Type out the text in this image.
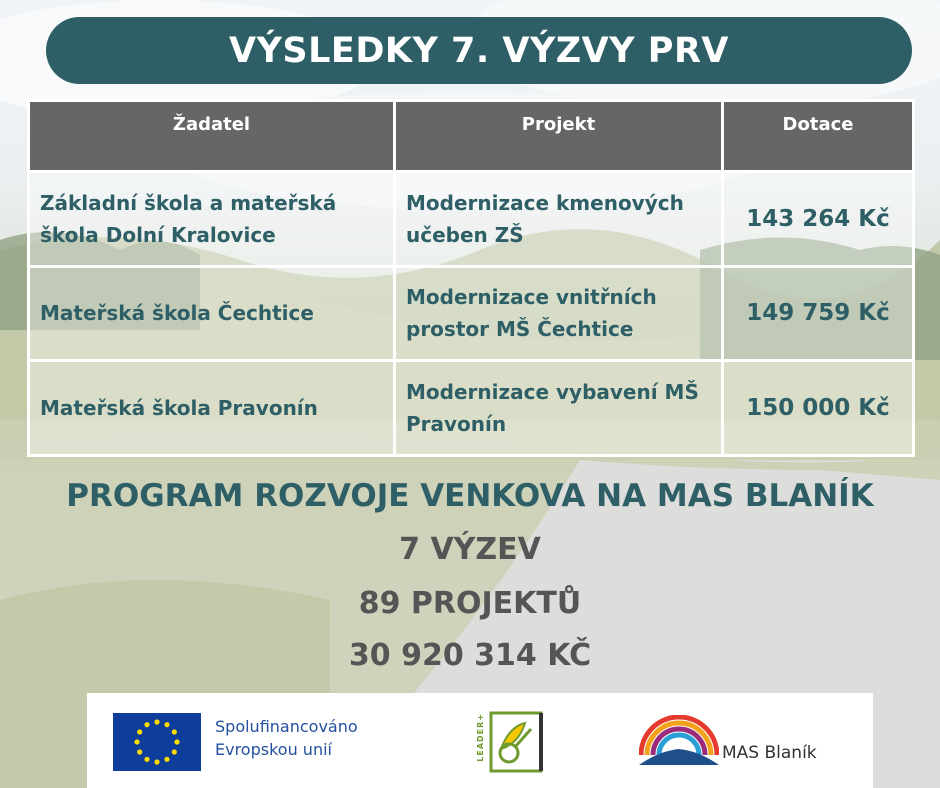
VÝSLEDKY 7. VÝZVY PRV
Žadatel	Projekt	Dotace
Základní škola a mateřská škola Dolní Kralovice	Modernizace kmenových učeben ZŠ	143 264 Kč
Mateřská škola Čechtice	Modernizace vnitřních prostor MŠ Čechtice	149 759 Kč
Mateřská škola Pravonín	Modernizace vybavení MŠ Pravonín	150 000 Kč
PROGRAM ROZVOJE VENKOVA NA MAS BLANÍK
7 VÝZEV
89 PROJEKTŮ
30 920 314 KČ
Spolufinancováno
Evropskou unií	LEADER+	MAS Blaník
